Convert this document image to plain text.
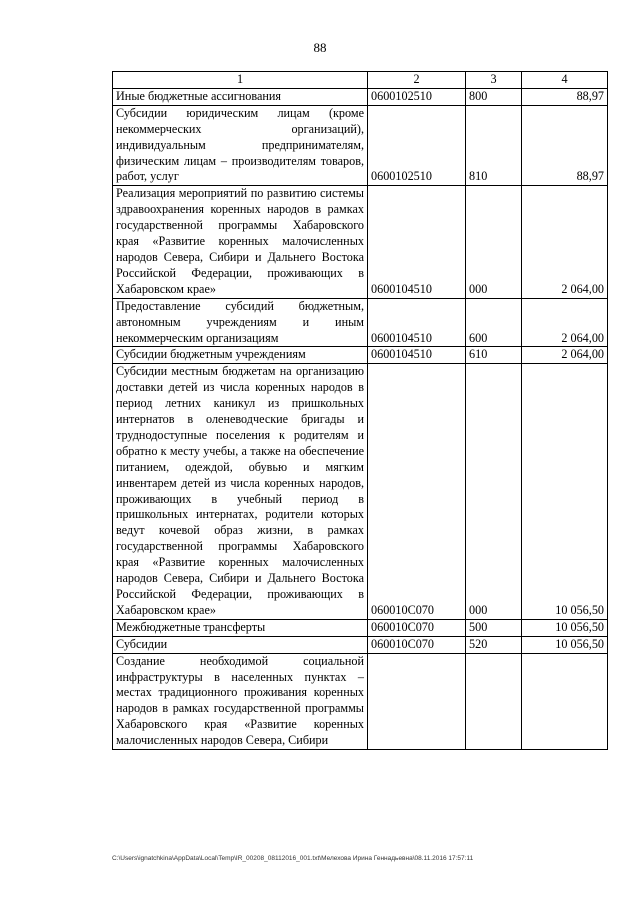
88
1	2	3	4
Иные бюджетные ассигнования	0600102510	800	88,97
Субсидии юридическим лицам (кроме некоммерческих организаций), индивидуальным предпринимателям, физическим лицам – производителям товаров, работ, услуг	0600102510	810	88,97
Реализация мероприятий по развитию системы здравоохранения коренных народов в рамках государственной программы Хабаровского края «Развитие коренных малочисленных народов Севера, Сибири и Дальнего Востока Российской Федерации, проживающих в Хабаровском крае»	0600104510	000	2 064,00
Предоставление субсидий бюджетным, автономным учреждениям и иным некоммерческим организациям	0600104510	600	2 064,00
Субсидии бюджетным учреждениям	0600104510	610	2 064,00
Субсидии местным бюджетам на организацию доставки детей из числа коренных народов в период летних каникул из пришкольных интернатов в оленеводческие бригады и труднодоступные поселения к родителям и обратно к месту учебы, а также на обеспечение питанием, одеждой, обувью и мягким инвентарем детей из числа коренных народов, проживающих в учебный период в пришкольных интернатах, родители которых ведут кочевой образ жизни, в рамках государственной программы Хабаровского края «Развитие коренных малочисленных народов Севера, Сибири и Дальнего Востока Российской Федерации, проживающих в Хабаровском крае»	060010С070	000	10 056,50
Межбюджетные трансферты	060010С070	500	10 056,50
Субсидии	060010С070	520	10 056,50
Создание необходимой социальной инфраструктуры в населенных пунктах – местах традиционного проживания коренных народов в рамках государственной программы Хабаровского края «Развитие коренных малочисленных народов Севера, Сибири			
C:\Users\ignatchkina\AppData\Local\Temp\IR_00208_08112016_001.txt\Мелехова Ирина Геннадьевна\08.11.2016 17:57:11
